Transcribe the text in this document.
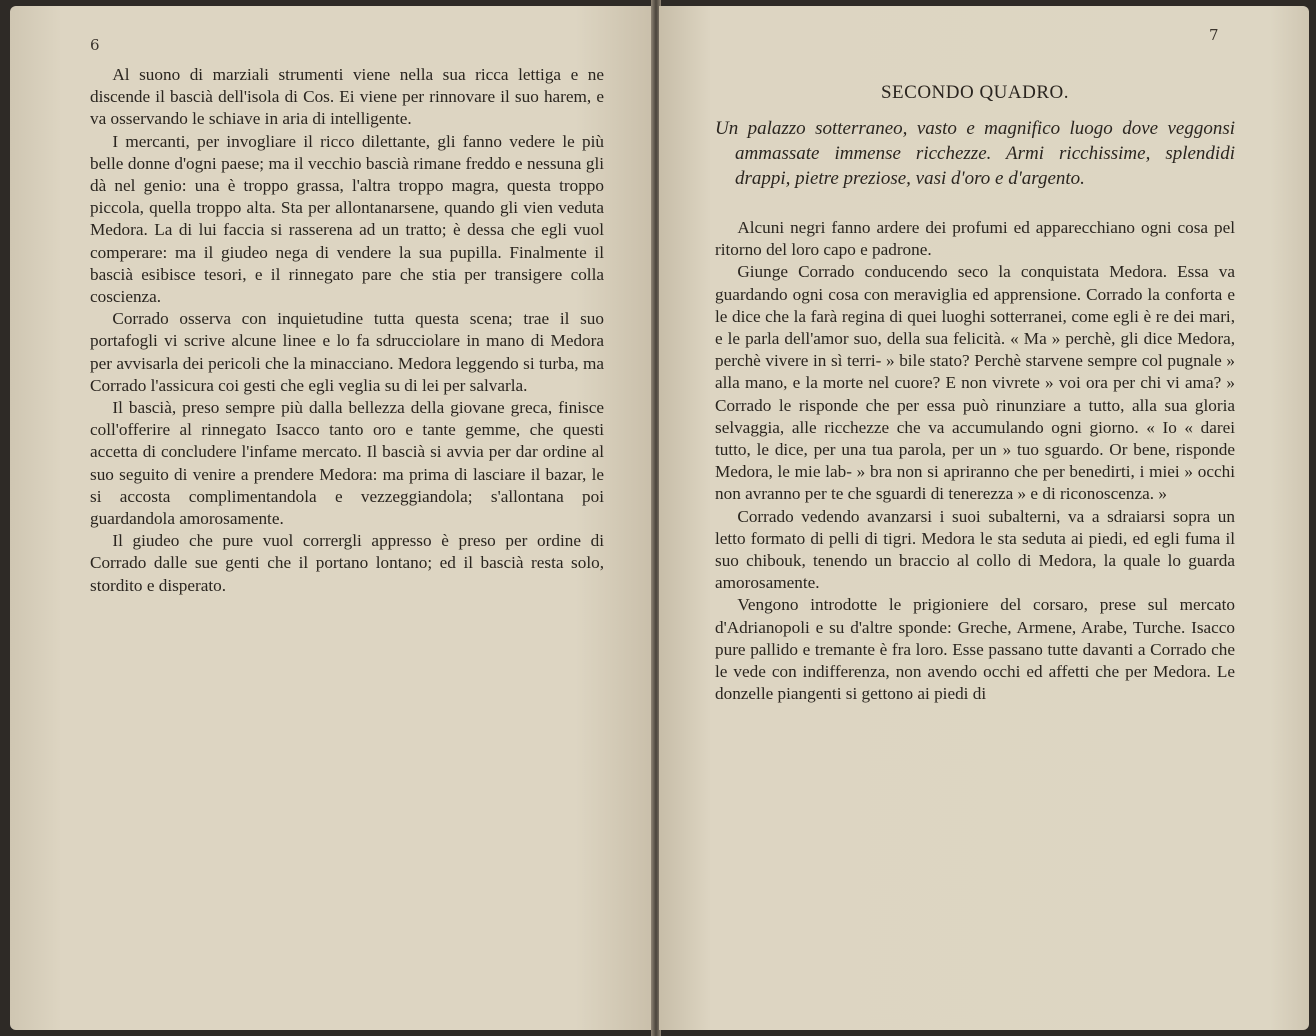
6

Al suono di marziali strumenti viene nella sua ricca lettiga e ne discende il bascià dell'isola di Cos. Ei viene per rinnovare il suo harem, e va osservando le schiave in aria di intelligente.

I mercanti, per invogliare il ricco dilettante, gli fanno vedere le più belle donne d'ogni paese; ma il vecchio bascià rimane freddo e nessuna gli dà nel genio: una è troppo grassa, l'altra troppo magra, questa troppo piccola, quella troppo alta. Sta per allontanarsene, quando gli vien veduta Medora. La di lui faccia si rasserena ad un tratto; è dessa che egli vuol comperare: ma il giudeo nega di vendere la sua pupilla. Finalmente il bascià esibisce tesori, e il rinnegato pare che stia per transigere colla coscienza.

Corrado osserva con inquietudine tutta questa scena; trae il suo portafogli vi scrive alcune linee e lo fa sdrucciolare in mano di Medora per avvisarla dei pericoli che la minacciano. Medora leggendo si turba, ma Corrado l'assicura coi gesti che egli veglia su di lei per salvarla.

Il bascià, preso sempre più dalla bellezza della giovane greca, finisce coll'offerire al rinnegato Isacco tanto oro e tante gemme, che questi accetta di concludere l'infame mercato. Il bascià si avvia per dar ordine al suo seguito di venire a prendere Medora: ma prima di lasciare il bazar, le si accosta complimentandola e vezzeggiandola; s'allontana poi guardandola amorosamente.

Il giudeo che pure vuol corrergli appresso è preso per ordine di Corrado dalle sue genti che il portano lontano; ed il bascià resta solo, stordito e disperato.

7
SECONDO QUADRO.

Un palazzo sotterraneo, vasto e magnifico luogo dove veggonsi ammassate immense ricchezze. Armi ricchissime, splendidi drappi, pietre preziose, vasi d'oro e d'argento.

Alcuni negri fanno ardere dei profumi ed apparecchiano ogni cosa pel ritorno del loro capo e padrone.

Giunge Corrado conducendo seco la conquistata Medora. Essa va guardando ogni cosa con meraviglia ed apprensione. Corrado la conforta e le dice che la farà regina di quei luoghi sotterranei, come egli è re dei mari, e le parla dell'amor suo, della sua felicità. « Ma » perchè, gli dice Medora, perchè vivere in sì terri- » bile stato? Perchè starvene sempre col pugnale » alla mano, e la morte nel cuore? E non vivrete » voi ora per chi vi ama? » Corrado le risponde che per essa può rinunziare a tutto, alla sua gloria selvaggia, alle ricchezze che va accumulando ogni giorno. « Io « darei tutto, le dice, per una tua parola, per un » tuo sguardo. Or bene, risponde Medora, le mie lab- » bra non si apriranno che per benedirti, i miei » occhi non avranno per te che sguardi di tenerezza » e di riconoscenza. »

Corrado vedendo avanzarsi i suoi subalterni, va a sdraiarsi sopra un letto formato di pelli di tigri. Medora le sta seduta ai piedi, ed egli fuma il suo chibouk, tenendo un braccio al collo di Medora, la quale lo guarda amorosamente.

Vengono introdotte le prigioniere del corsaro, prese sul mercato d'Adrianopoli e su d'altre sponde: Greche, Armene, Arabe, Turche. Isacco pure pallido e tremante è fra loro. Esse passano tutte davanti a Corrado che le vede con indifferenza, non avendo occhi ed affetti che per Medora. Le donzelle piangenti si gettono ai piedi di
